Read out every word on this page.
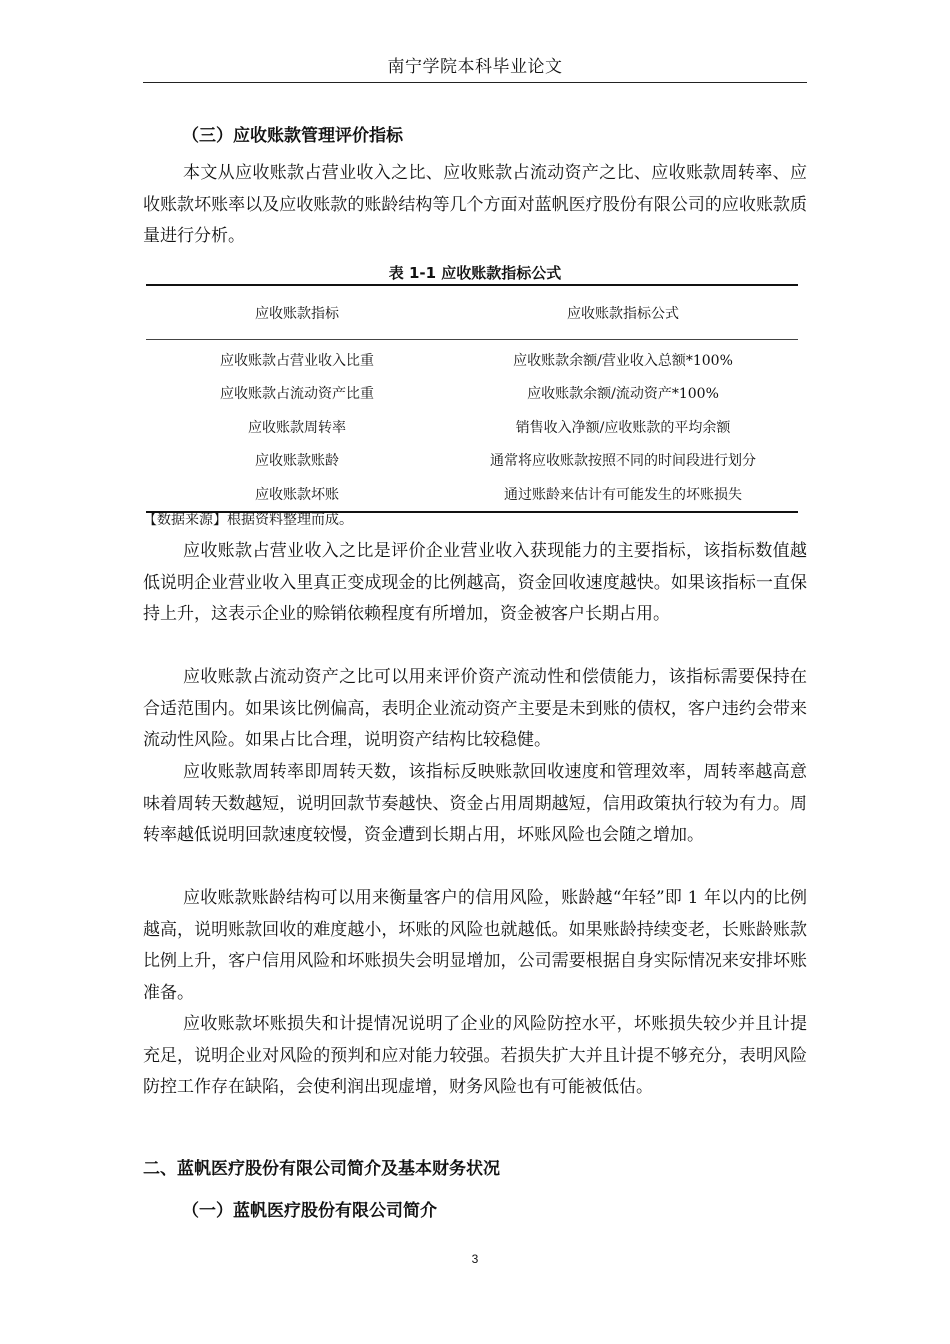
南宁学院本科毕业论文
（三）应收账款管理评价指标
本文从应收账款占营业收入之比、应收账款占流动资产之比、应收账款周转率、应收账款坏账率以及应收账款的账龄结构等几个方面对蓝帆医疗股份有限公司的应收账款质量进行分析。
表 1-1 应收账款指标公式
应收账款指标	应收账款指标公式
应收账款占营业收入比重	应收账款余额/营业收入总额*100%
应收账款占流动资产比重	应收账款余额/流动资产*100%
应收账款周转率	销售收入净额/应收账款的平均余额
应收账款账龄	通常将应收账款按照不同的时间段进行划分
应收账款坏账	通过账龄来估计有可能发生的坏账损失
【数据来源】根据资料整理而成。
应收账款占营业收入之比是评价企业营业收入获现能力的主要指标，该指标数值越低说明企业营业收入里真正变成现金的比例越高，资金回收速度越快。如果该指标一直保持上升，这表示企业的赊销依赖程度有所增加，资金被客户长期占用。
应收账款占流动资产之比可以用来评价资产流动性和偿债能力，该指标需要保持在合适范围内。如果该比例偏高，表明企业流动资产主要是未到账的债权，客户违约会带来流动性风险。如果占比合理，说明资产结构比较稳健。
应收账款周转率即周转天数，该指标反映账款回收速度和管理效率，周转率越高意味着周转天数越短，说明回款节奏越快、资金占用周期越短，信用政策执行较为有力。周转率越低说明回款速度较慢，资金遭到长期占用，坏账风险也会随之增加。
应收账款账龄结构可以用来衡量客户的信用风险，账龄越“年轻”即 1 年以内的比例越高，说明账款回收的难度越小，坏账的风险也就越低。如果账龄持续变老，长账龄账款比例上升，客户信用风险和坏账损失会明显增加，公司需要根据自身实际情况来安排坏账准备。
应收账款坏账损失和计提情况说明了企业的风险防控水平，坏账损失较少并且计提充足，说明企业对风险的预判和应对能力较强。若损失扩大并且计提不够充分，表明风险防控工作存在缺陷，会使利润出现虚增，财务风险也有可能被低估。
二、蓝帆医疗股份有限公司简介及基本财务状况
（一）蓝帆医疗股份有限公司简介
3
